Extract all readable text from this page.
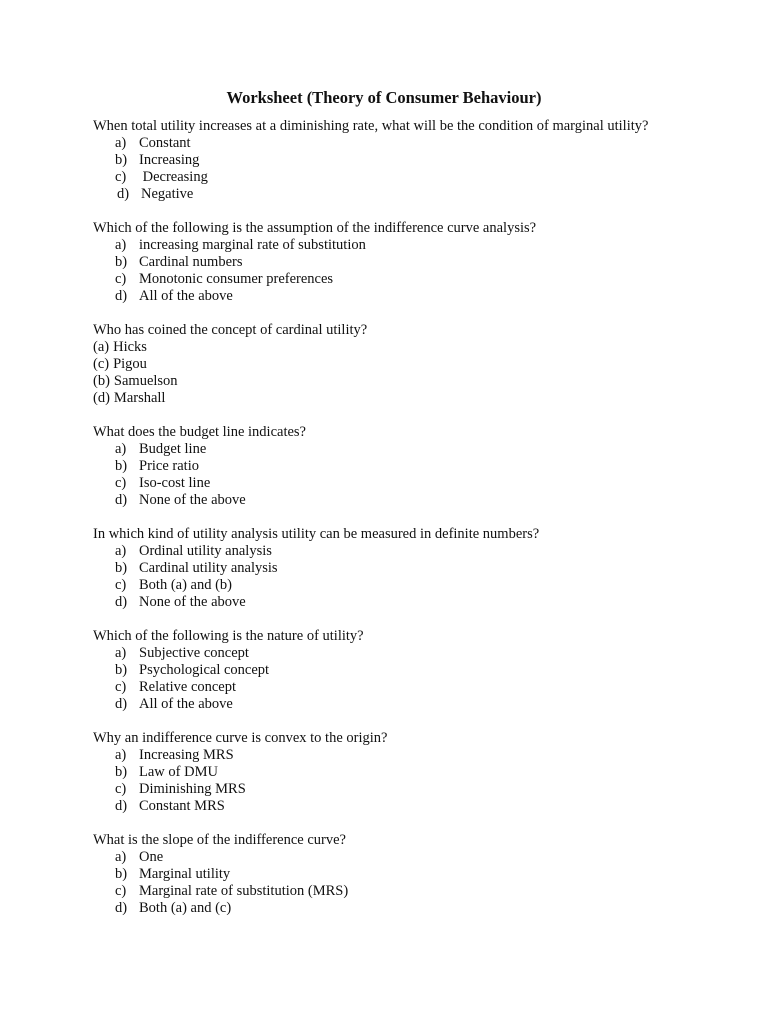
Worksheet (Theory of Consumer Behaviour)
When total utility increases at a diminishing rate, what will be the condition of marginal utility?
a) Constant
b) Increasing
c) Decreasing
d) Negative
Which of the following is the assumption of the indifference curve analysis?
a) increasing marginal rate of substitution
b) Cardinal numbers
c) Monotonic consumer preferences
d) All of the above
Who has coined the concept of cardinal utility?
(a) Hicks
(c) Pigou
(b) Samuelson
(d) Marshall
What does the budget line indicates?
a) Budget line
b) Price ratio
c) Iso-cost line
d) None of the above
In which kind of utility analysis utility can be measured in definite numbers?
a) Ordinal utility analysis
b) Cardinal utility analysis
c) Both (a) and (b)
d) None of the above
Which of the following is the nature of utility?
a) Subjective concept
b) Psychological concept
c) Relative concept
d) All of the above
Why an indifference curve is convex to the origin?
a) Increasing MRS
b) Law of DMU
c) Diminishing MRS
d) Constant MRS
What is the slope of the indifference curve?
a) One
b) Marginal utility
c) Marginal rate of substitution (MRS)
d) Both (a) and (c)
